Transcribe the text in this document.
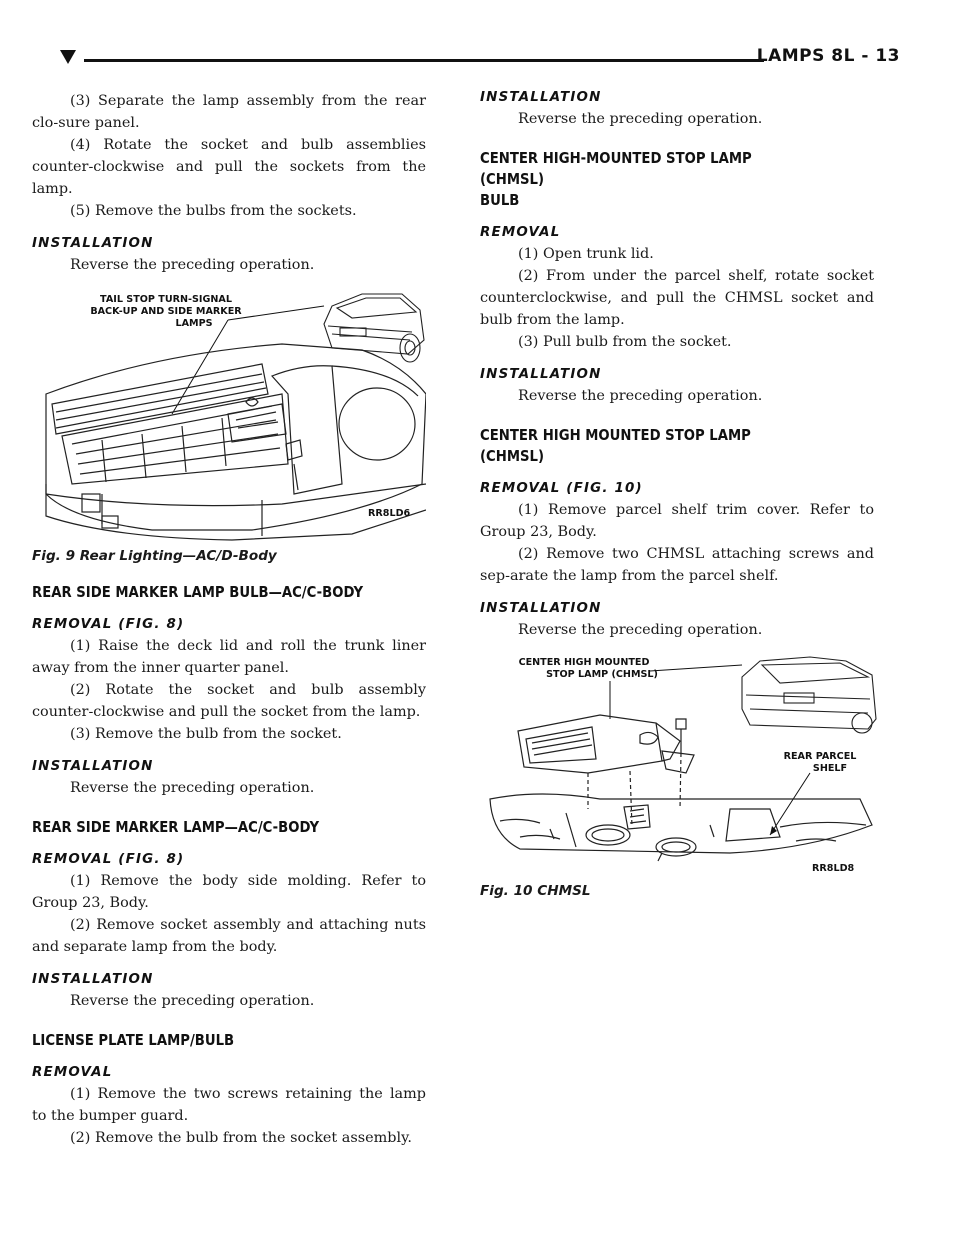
LAMPS 8L - 13

(3) Separate the lamp assembly from the rear clo-sure panel.

(4) Rotate the socket and bulb assemblies counter-clockwise and pull the sockets from the lamp.

(5) Remove the bulbs from the sockets.

INSTALLATION

Reverse the preceding operation.

TAIL STOP TURN-SIGNAL
BACK-UP AND SIDE MARKER
LAMPS
RR8LD6
Fig. 9 Rear Lighting—AC/D-Body
REAR SIDE MARKER LAMP BULB—AC/C-BODY
REMOVAL (FIG. 8)

(1) Raise the deck lid and roll the trunk liner away from the inner quarter panel.

(2) Rotate the socket and bulb assembly counter-clockwise and pull the socket from the lamp.

(3) Remove the bulb from the socket.

INSTALLATION

Reverse the preceding operation.

REAR SIDE MARKER LAMP—AC/C-BODY
REMOVAL (FIG. 8)

(1) Remove the body side molding. Refer to Group 23, Body.

(2) Remove socket assembly and attaching nuts and separate lamp from the body.

INSTALLATION

Reverse the preceding operation.

LICENSE PLATE LAMP/BULB
REMOVAL

(1) Remove the two screws retaining the lamp to the bumper guard.

(2) Remove the bulb from the socket assembly.

INSTALLATION

Reverse the preceding operation.

CENTER HIGH-MOUNTED STOP LAMP (CHMSL)
BULB
REMOVAL

(1) Open trunk lid.

(2) From under the parcel shelf, rotate socket counterclockwise, and pull the CHMSL socket and bulb from the lamp.

(3) Pull bulb from the socket.

INSTALLATION

Reverse the preceding operation.

CENTER HIGH MOUNTED STOP LAMP (CHMSL)
REMOVAL (FIG. 10)

(1) Remove parcel shelf trim cover. Refer to Group 23, Body.

(2) Remove two CHMSL attaching screws and sep-arate the lamp from the parcel shelf.

INSTALLATION

Reverse the preceding operation.

CENTER HIGH MOUNTED
STOP LAMP (CHMSL)
REAR PARCEL
SHELF
RR8LD8
Fig. 10 CHMSL
